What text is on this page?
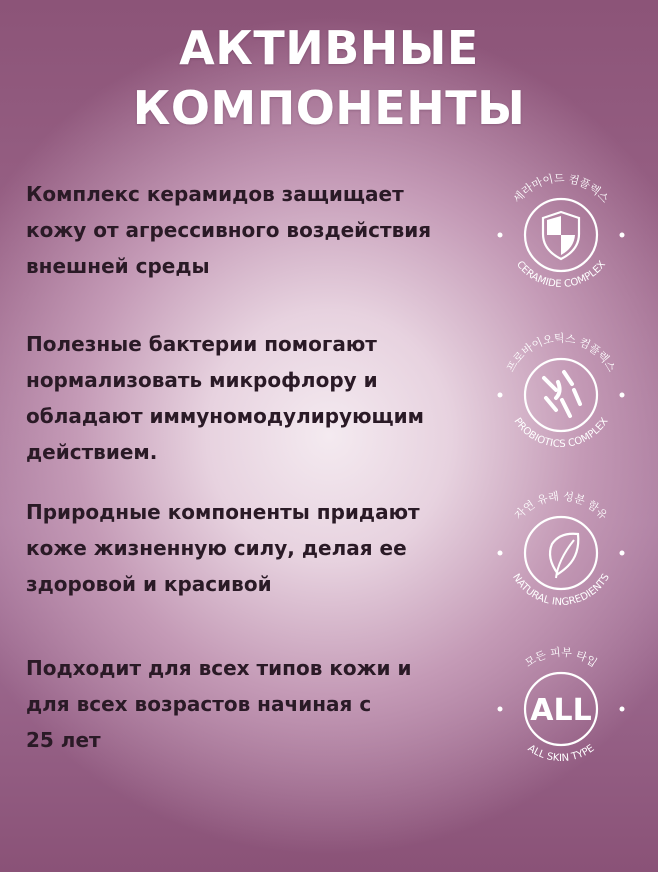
АКТИВНЫЕ
КОМПОНЕНТЫ
Комплекс керамидов защищает
кожу от агрессивного воздействия
внешней среды
세라마이드 컴플렉스
CERAMIDE COMPLEX
Полезные бактерии помогают
нормализовать микрофлору и
обладают иммуномодулирующим
действием.
프로바이오틱스 컴플렉스
PROBIOTICS COMPLEX
Природные компоненты придают
коже жизненную силу, делая ее
здоровой и красивой
자연 유래 성분 함유
NATURAL INGREDIENTS
Подходит для всех типов кожи и
для всех возрастов начиная с
25 лет
ALL
모든 피부 타입
ALL SKIN TYPE
